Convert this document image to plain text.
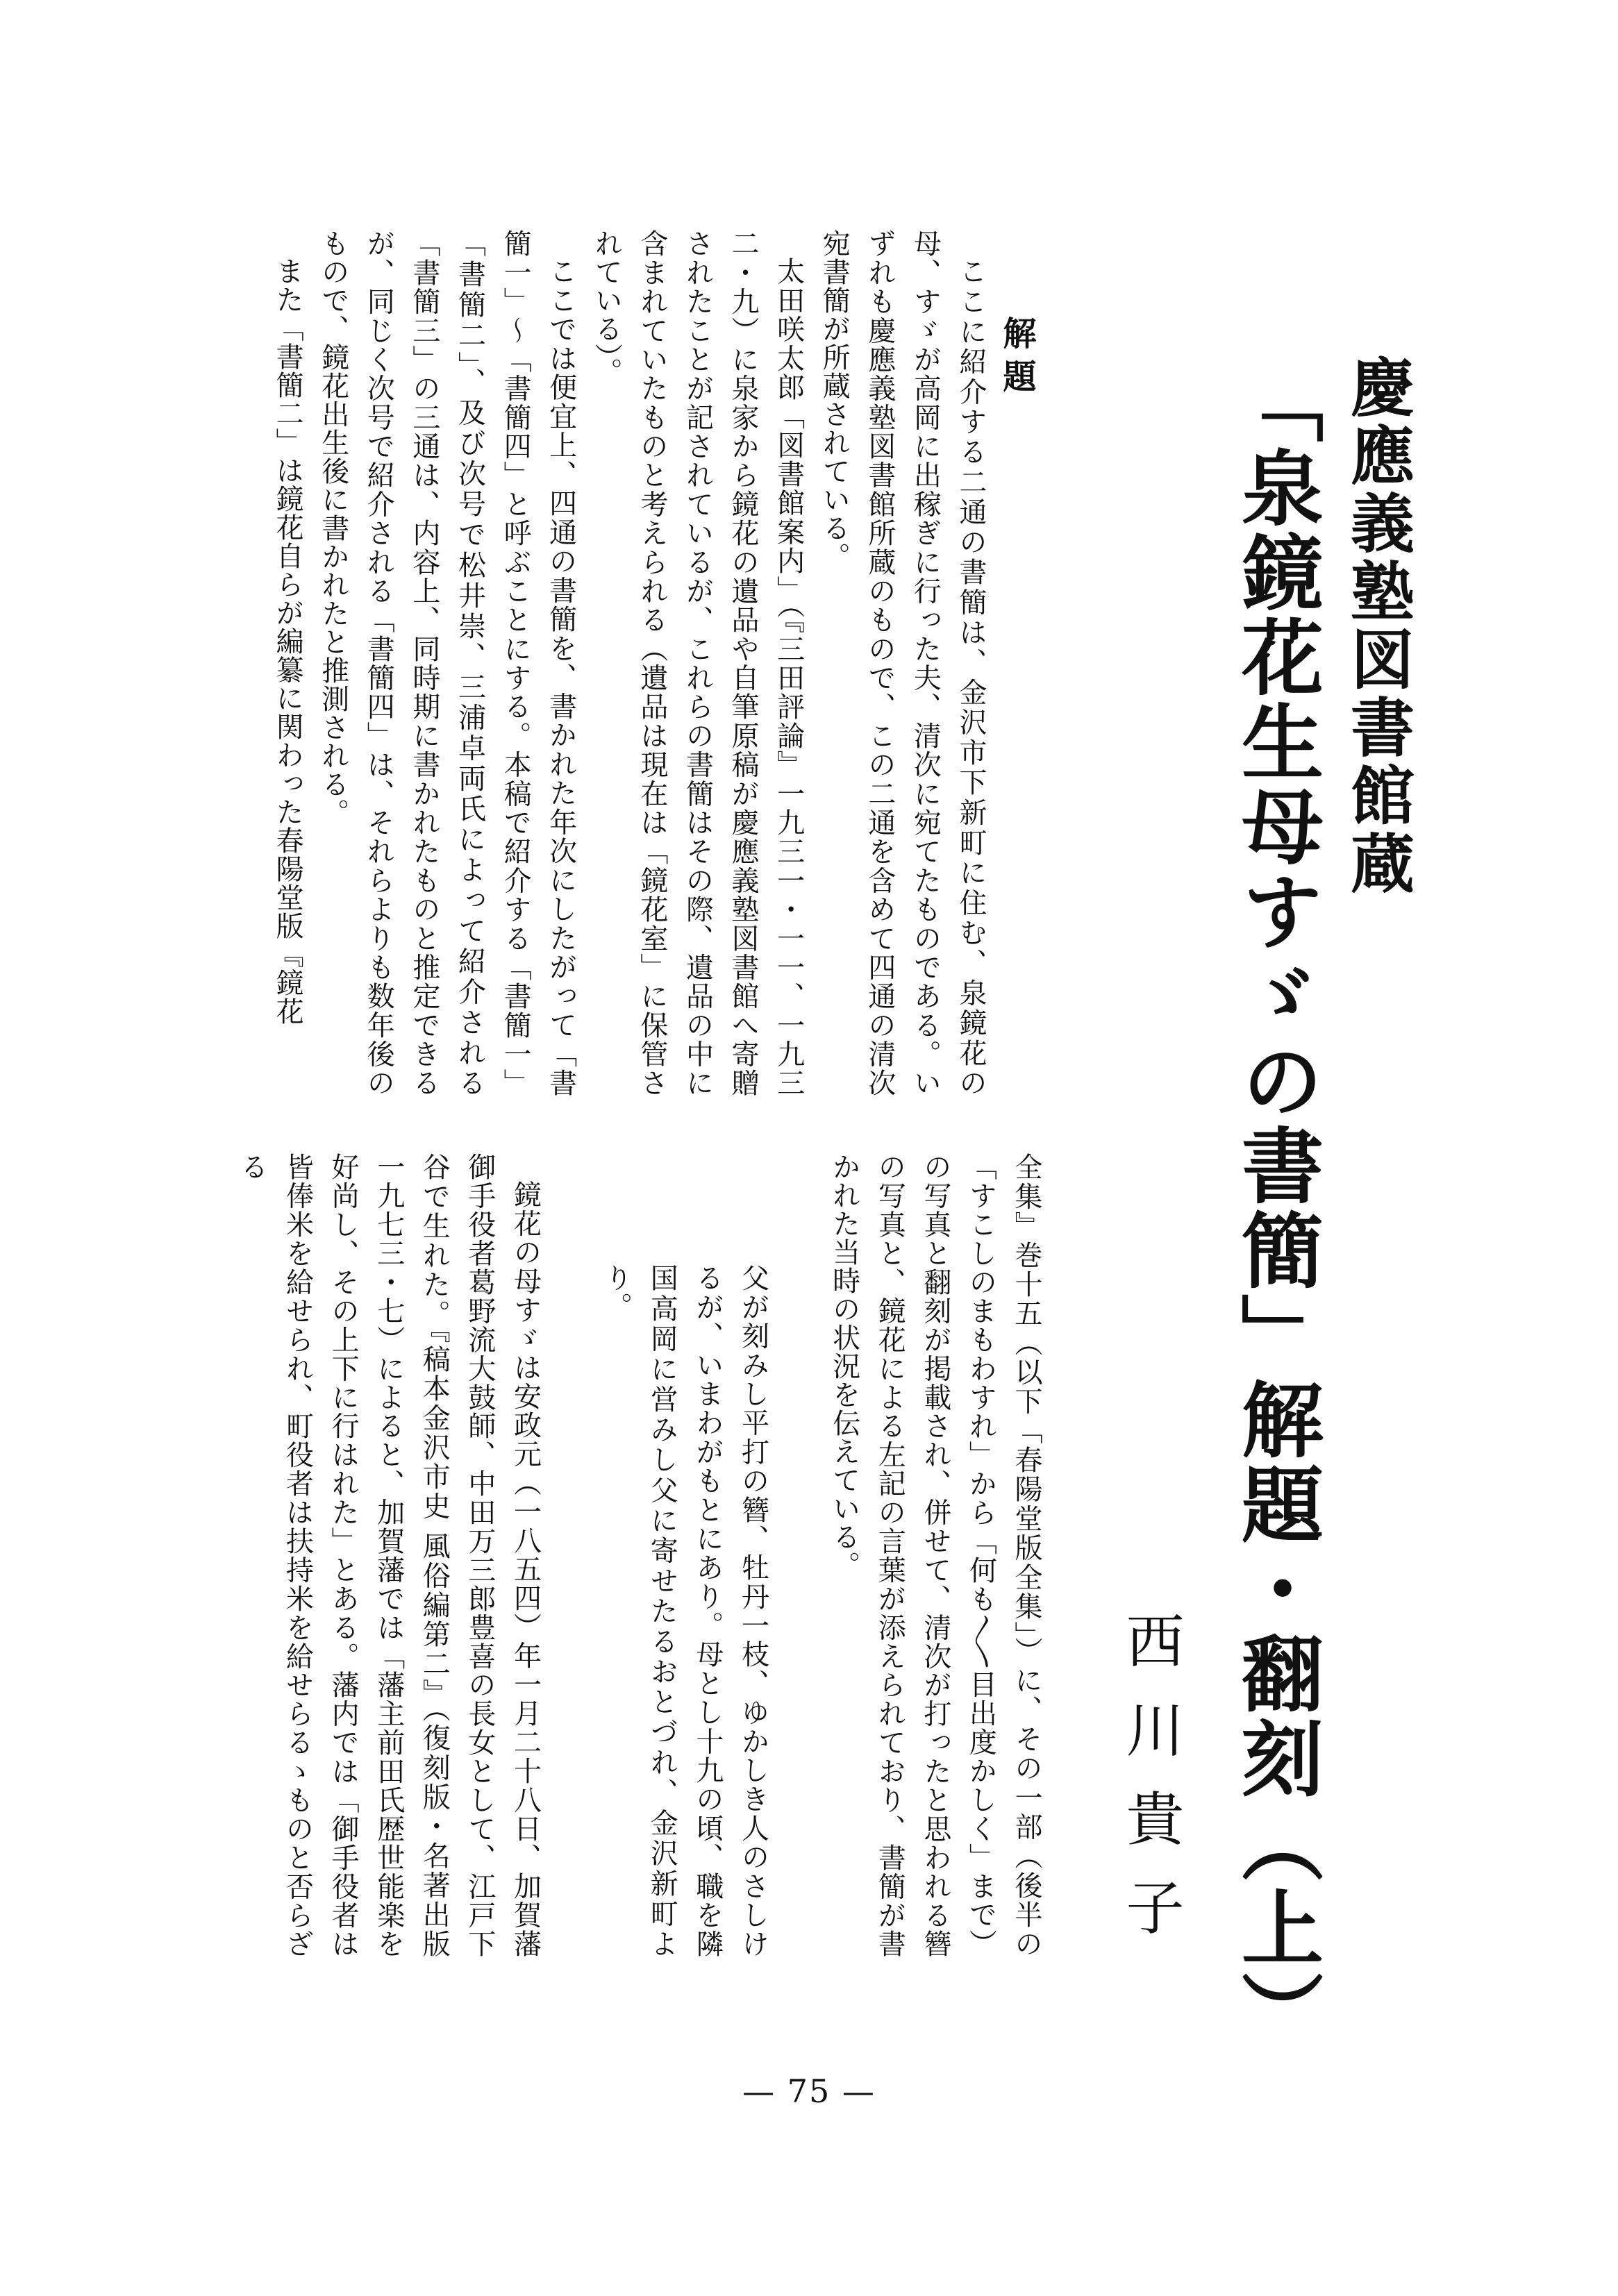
慶應義塾図書館蔵
「泉鏡花生母すゞの書簡」解題・翻刻（上）
西川貴子
解題

ここに紹介する二通の書簡は、金沢市下新町に住む、泉鏡花の母、すゞが高岡に出稼ぎに行った夫、清次に宛てたものである。いずれも慶應義塾図書館所蔵のもので、この二通を含めて四通の清次宛書簡が所蔵されている。

太田咲太郎「図書館案内」（『三田評論』一九三一・一一、一九三二・九）に泉家から鏡花の遺品や自筆原稿が慶應義塾図書館へ寄贈されたことが記されているが、これらの書簡はその際、遺品の中に含まれていたものと考えられる（遺品は現在は「鏡花室」に保管されている）。

ここでは便宜上、四通の書簡を、書かれた年次にしたがって「書簡一」～「書簡四」と呼ぶことにする。本稿で紹介する「書簡一」「書簡二」、及び次号で松井崇、三浦卓両氏によって紹介される「書簡三」の三通は、内容上、同時期に書かれたものと推定できるが、同じく次号で紹介される「書簡四」は、それらよりも数年後のもので、鏡花出生後に書かれたと推測される。

また「書簡二」は鏡花自らが編纂に関わった春陽堂版『鏡花

全集』巻十五（以下「春陽堂版全集」）に、その一部（後半の「すこしのまもわすれ」から「何も〳〵目出度かしく」まで）の写真と翻刻が掲載され、併せて、清次が打ったと思われる簪の写真と、鏡花による左記の言葉が添えられており、書簡が書かれた当時の状況を伝えている。

父が刻みし平打の簪、牡丹一枝、ゆかしき人のさしけるが、いまわがもとにあり。母とし十九の頃、職を隣国高岡に営みし父に寄せたるおとづれ、金沢新町より。

鏡花の母すゞは安政元（一八五四）年一月二十八日、加賀藩御手役者葛野流大鼓師、中田万三郎豊喜の長女として、江戸下谷で生れた。『稿本金沢市史 風俗編第二』（復刻版・名著出版一九七三・七）によると、加賀藩では「藩主前田氏歴世能楽を好尚し、その上下に行はれた」とある。藩内では「御手役者は皆俸米を給せられ、町役者は扶持米を給せらるゝものと否らざる

— 75 —
